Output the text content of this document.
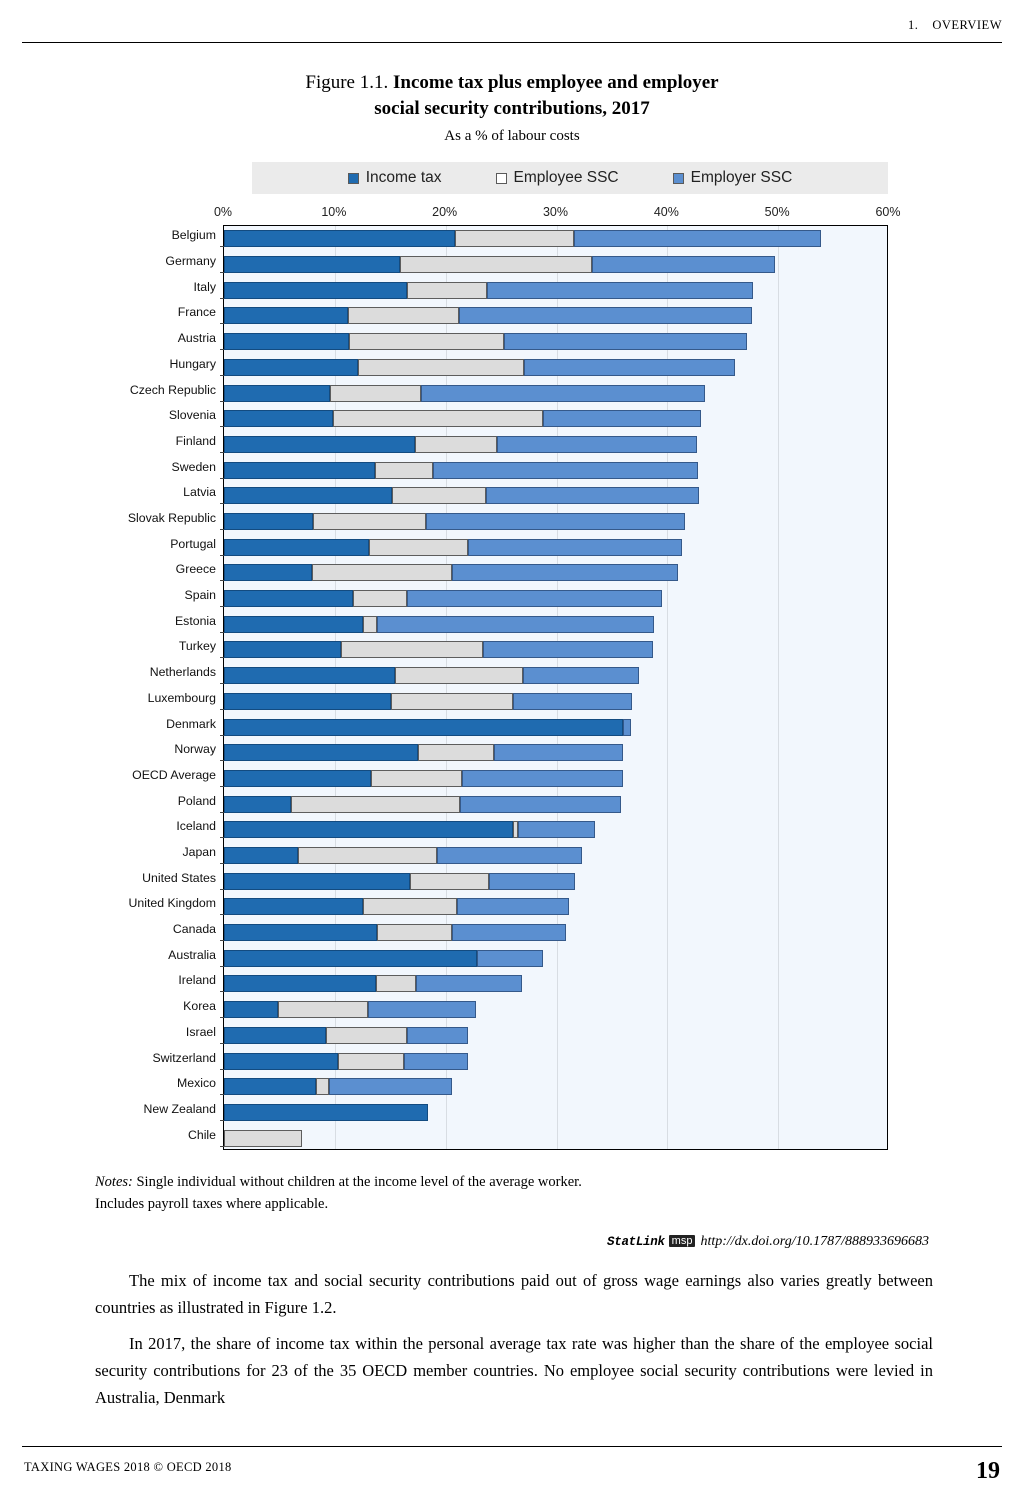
1. OVERVIEW
Figure 1.1. Income tax plus employee and employer
social security contributions, 2017
As a % of labour costs
Income tax	Employee SSC	Employer SSC
0%	10%	20%	30%	40%	50%	60%
Belgium
Germany
Italy
France
Austria
Hungary
Czech Republic
Slovenia
Finland
Sweden
Latvia
Slovak Republic
Portugal
Greece
Spain
Estonia
Turkey
Netherlands
Luxembourg
Denmark
Norway
OECD Average
Poland
Iceland
Japan
United States
United Kingdom
Canada
Australia
Ireland
Korea
Israel
Switzerland
Mexico
New Zealand
Chile
Notes: Single individual without children at the income level of the average worker.
Includes payroll taxes where applicable.
StatLink msp http://dx.doi.org/10.1787/888933696683

The mix of income tax and social security contributions paid out of gross wage earnings also varies greatly between countries as illustrated in Figure 1.2.

In 2017, the share of income tax within the personal average tax rate was higher than the share of the employee social security contributions for 23 of the 35 OECD member countries. No employee social security contributions were levied in Australia, Denmark

TAXING WAGES 2018 © OECD 2018	19
